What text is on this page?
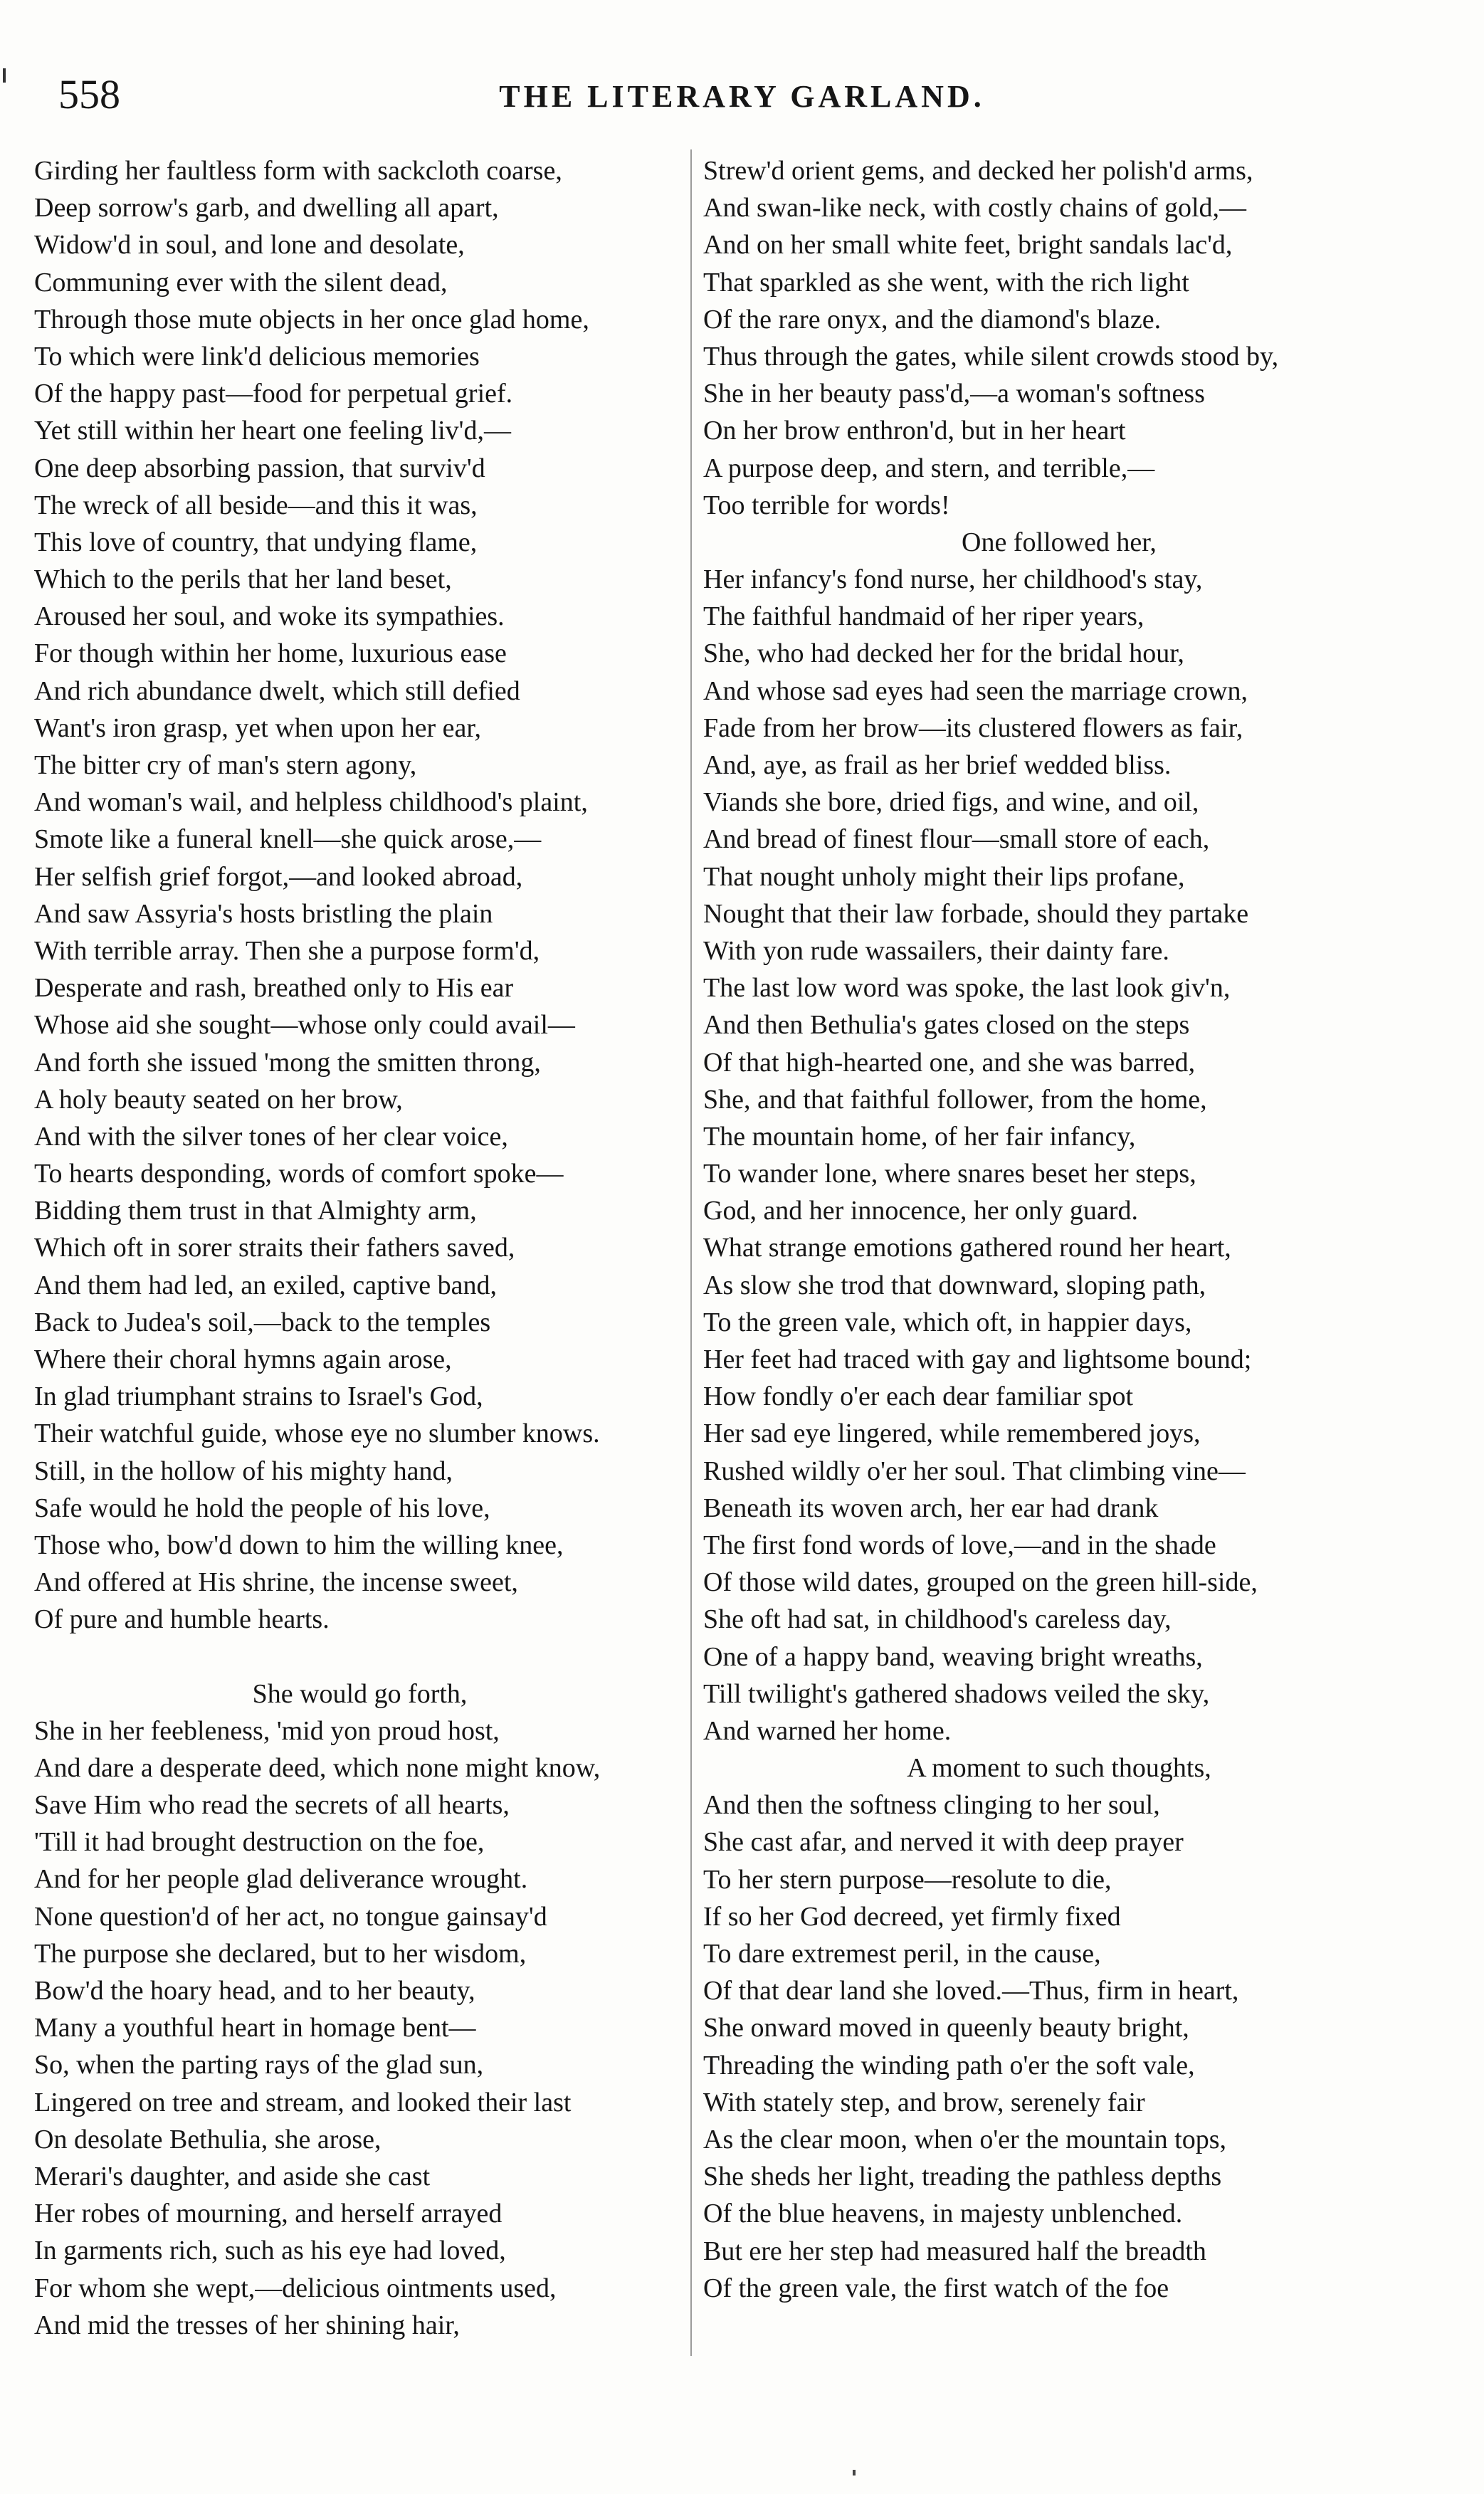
558	THE LITERARY GARLAND.
Girding her faultless form with sackcloth coarse,
Deep sorrow's garb, and dwelling all apart,
Widow'd in soul, and lone and desolate,
Communing ever with the silent dead,
Through those mute objects in her once glad home,
To which were link'd delicious memories
Of the happy past—food for perpetual grief.
Yet still within her heart one feeling liv'd,—
One deep absorbing passion, that surviv'd
The wreck of all beside—and this it was,
This love of country, that undying flame,
Which to the perils that her land beset,
Aroused her soul, and woke its sympathies.
For though within her home, luxurious ease
And rich abundance dwelt, which still defied
Want's iron grasp, yet when upon her ear,
The bitter cry of man's stern agony,
And woman's wail, and helpless childhood's plaint,
Smote like a funeral knell—she quick arose,—
Her selfish grief forgot,—and looked abroad,
And saw Assyria's hosts bristling the plain
With terrible array. Then she a purpose form'd,
Desperate and rash, breathed only to His ear
Whose aid she sought—whose only could avail—
And forth she issued 'mong the smitten throng,
A holy beauty seated on her brow,
And with the silver tones of her clear voice,
To hearts desponding, words of comfort spoke—
Bidding them trust in that Almighty arm,
Which oft in sorer straits their fathers saved,
And them had led, an exiled, captive band,
Back to Judea's soil,—back to the temples
Where their choral hymns again arose,
In glad triumphant strains to Israel's God,
Their watchful guide, whose eye no slumber knows.
Still, in the hollow of his mighty hand,
Safe would he hold the people of his love,
Those who, bow'd down to him the willing knee,
And offered at His shrine, the incense sweet,
Of pure and humble hearts.
She would go forth,
She in her feebleness, 'mid yon proud host,
And dare a desperate deed, which none might know,
Save Him who read the secrets of all hearts,
'Till it had brought destruction on the foe,
And for her people glad deliverance wrought.
None question'd of her act, no tongue gainsay'd
The purpose she declared, but to her wisdom,
Bow'd the hoary head, and to her beauty,
Many a youthful heart in homage bent—
So, when the parting rays of the glad sun,
Lingered on tree and stream, and looked their last
On desolate Bethulia, she arose,
Merari's daughter, and aside she cast
Her robes of mourning, and herself arrayed
In garments rich, such as his eye had loved,
For whom she wept,—delicious ointments used,
And mid the tresses of her shining hair,
Strew'd orient gems, and decked her polish'd arms,
And swan-like neck, with costly chains of gold,—
And on her small white feet, bright sandals lac'd,
That sparkled as she went, with the rich light
Of the rare onyx, and the diamond's blaze.
Thus through the gates, while silent crowds stood by,
She in her beauty pass'd,—a woman's softness
On her brow enthron'd, but in her heart
A purpose deep, and stern, and terrible,—
Too terrible for words!
One followed her,
Her infancy's fond nurse, her childhood's stay,
The faithful handmaid of her riper years,
She, who had decked her for the bridal hour,
And whose sad eyes had seen the marriage crown,
Fade from her brow—its clustered flowers as fair,
And, aye, as frail as her brief wedded bliss.
Viands she bore, dried figs, and wine, and oil,
And bread of finest flour—small store of each,
That nought unholy might their lips profane,
Nought that their law forbade, should they partake
With yon rude wassailers, their dainty fare.
The last low word was spoke, the last look giv'n,
And then Bethulia's gates closed on the steps
Of that high-hearted one, and she was barred,
She, and that faithful follower, from the home,
The mountain home, of her fair infancy,
To wander lone, where snares beset her steps,
God, and her innocence, her only guard.
What strange emotions gathered round her heart,
As slow she trod that downward, sloping path,
To the green vale, which oft, in happier days,
Her feet had traced with gay and lightsome bound;
How fondly o'er each dear familiar spot
Her sad eye lingered, while remembered joys,
Rushed wildly o'er her soul. That climbing vine—
Beneath its woven arch, her ear had drank
The first fond words of love,—and in the shade
Of those wild dates, grouped on the green hill-side,
She oft had sat, in childhood's careless day,
One of a happy band, weaving bright wreaths,
Till twilight's gathered shadows veiled the sky,
And warned her home.
A moment to such thoughts,
And then the softness clinging to her soul,
She cast afar, and nerved it with deep prayer
To her stern purpose—resolute to die,
If so her God decreed, yet firmly fixed
To dare extremest peril, in the cause,
Of that dear land she loved.—Thus, firm in heart,
She onward moved in queenly beauty bright,
Threading the winding path o'er the soft vale,
With stately step, and brow, serenely fair
As the clear moon, when o'er the mountain tops,
She sheds her light, treading the pathless depths
Of the blue heavens, in majesty unblenched.
But ere her step had measured half the breadth
Of the green vale, the first watch of the foe
